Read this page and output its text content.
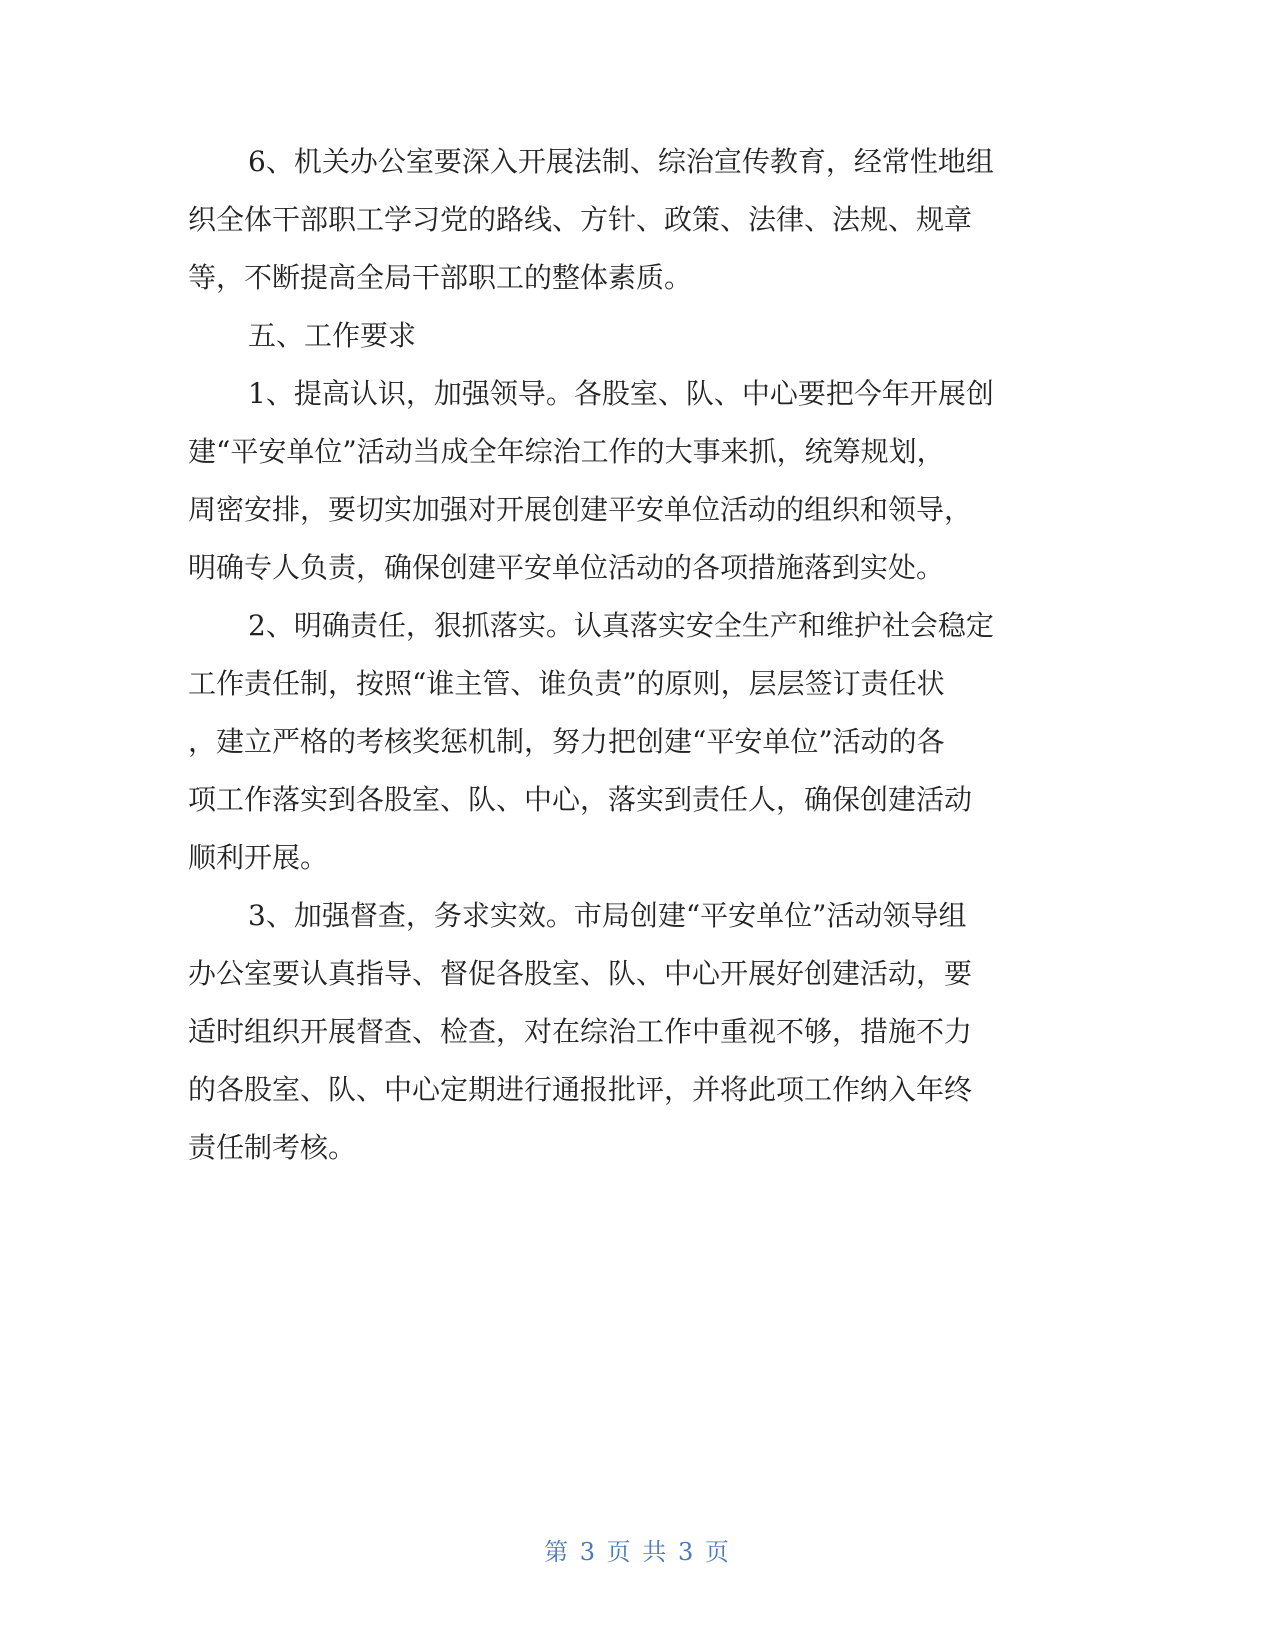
6、机关办公室要深入开展法制、综治宣传教育，经常性地组
织全体干部职工学习党的路线、方针、政策、法律、法规、规章
等，不断提高全局干部职工的整体素质。
五、工作要求
1、提高认识，加强领导。各股室、队、中心要把今年开展创
建“平安单位”活动当成全年综治工作的大事来抓，统筹规划，
周密安排，要切实加强对开展创建平安单位活动的组织和领导，
明确专人负责，确保创建平安单位活动的各项措施落到实处。
2、明确责任，狠抓落实。认真落实安全生产和维护社会稳定
工作责任制，按照“谁主管、谁负责”的原则，层层签订责任状
，建立严格的考核奖惩机制，努力把创建“平安单位”活动的各
项工作落实到各股室、队、中心，落实到责任人，确保创建活动
顺利开展。
3、加强督查，务求实效。市局创建“平安单位”活动领导组
办公室要认真指导、督促各股室、队、中心开展好创建活动，要
适时组织开展督查、检查，对在综治工作中重视不够，措施不力
的各股室、队、中心定期进行通报批评，并将此项工作纳入年终
责任制考核。
第 3 页 共 3 页
